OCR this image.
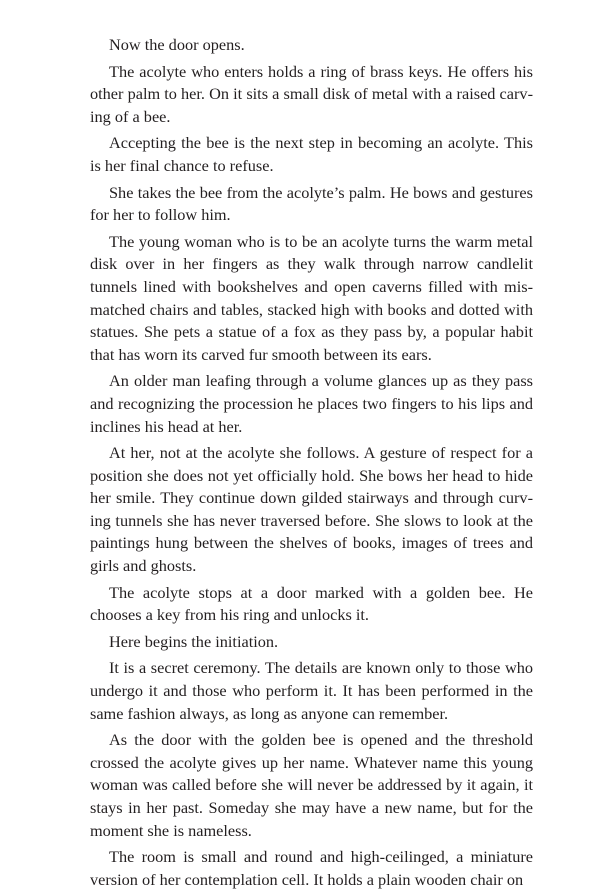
Now the door opens.

The acolyte who enters holds a ring of brass keys. He offers his other palm to her. On it sits a small disk of metal with a raised carving of a bee.

Accepting the bee is the next step in becoming an acolyte. This is her final chance to refuse.

She takes the bee from the acolyte’s palm. He bows and gestures for her to follow him.

The young woman who is to be an acolyte turns the warm metal disk over in her fingers as they walk through narrow candlelit tunnels lined with bookshelves and open caverns filled with mismatched chairs and tables, stacked high with books and dotted with statues. She pets a statue of a fox as they pass by, a popular habit that has worn its carved fur smooth between its ears.

An older man leafing through a volume glances up as they pass and recognizing the procession he places two fingers to his lips and inclines his head at her.

At her, not at the acolyte she follows. A gesture of respect for a position she does not yet officially hold. She bows her head to hide her smile. They continue down gilded stairways and through curving tunnels she has never traversed before. She slows to look at the paintings hung between the shelves of books, images of trees and girls and ghosts.

The acolyte stops at a door marked with a golden bee. He chooses a key from his ring and unlocks it.

Here begins the initiation.

It is a secret ceremony. The details are known only to those who undergo it and those who perform it. It has been performed in the same fashion always, as long as anyone can remember.

As the door with the golden bee is opened and the threshold crossed the acolyte gives up her name. Whatever name this young woman was called before she will never be addressed by it again, it stays in her past. Someday she may have a new name, but for the moment she is nameless.

The room is small and round and high-ceilinged, a miniature version of her contemplation cell. It holds a plain wooden chair on
